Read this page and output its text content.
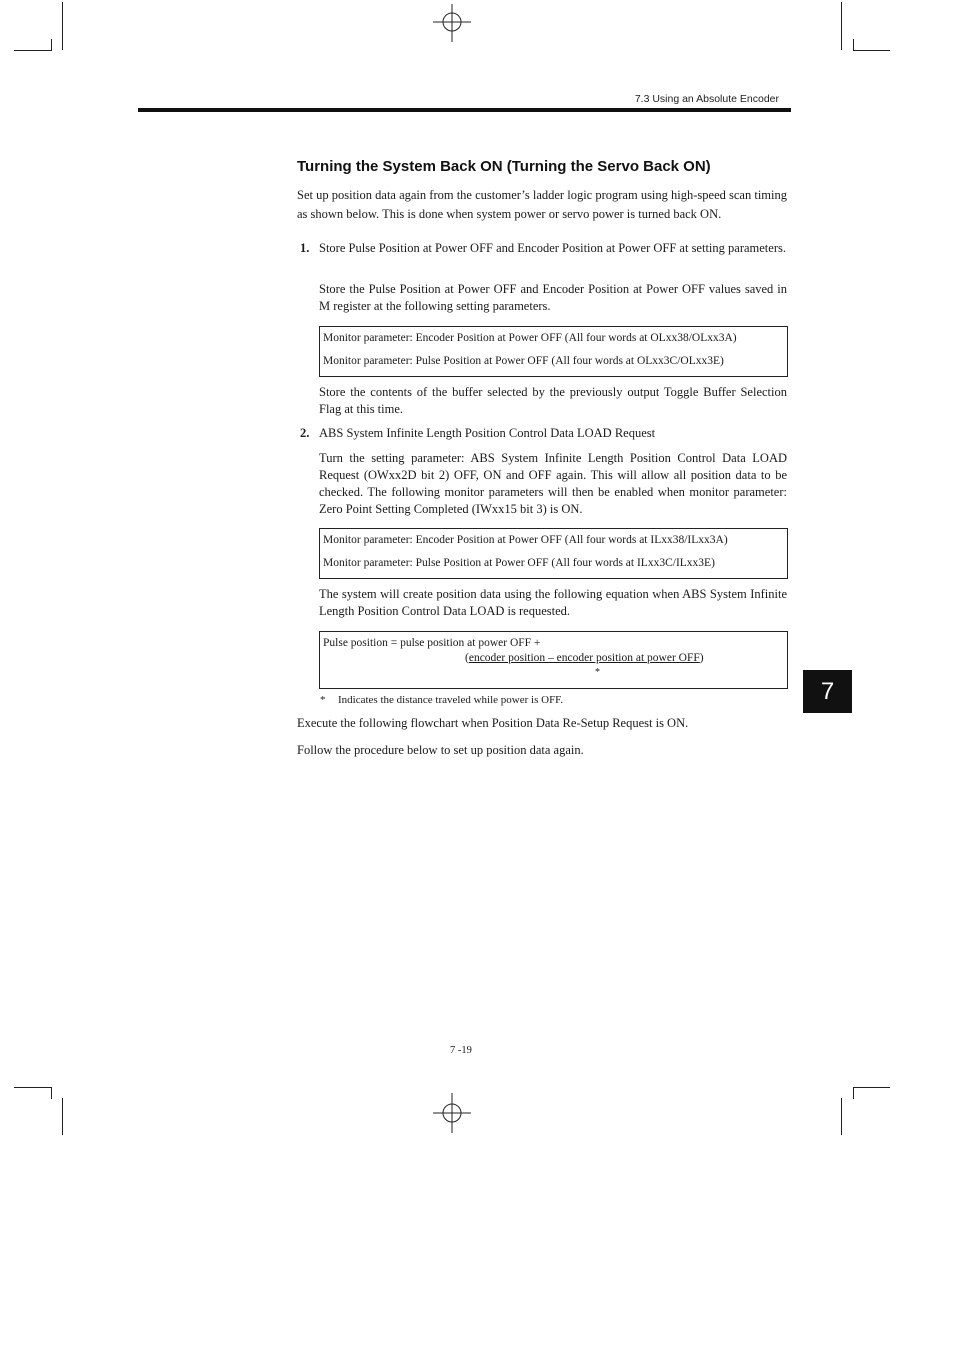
7.3 Using an Absolute Encoder
Turning the System Back ON (Turning the Servo Back ON)

Set up position data again from the customer’s ladder logic program using high-speed scan timing as shown below. This is done when system power or servo power is turned back ON.

1. Store Pulse Position at Power OFF and Encoder Position at Power OFF at setting parameters.

Store the Pulse Position at Power OFF and Encoder Position at Power OFF values saved in M register at the following setting parameters.

Monitor parameter: Encoder Position at Power OFF (All four words at OLxx38/OLxx3A)
Monitor parameter: Pulse Position at Power OFF (All four words at OLxx3C/OLxx3E)

Store the contents of the buffer selected by the previously output Toggle Buffer Selection Flag at this time.

2. ABS System Infinite Length Position Control Data LOAD Request

Turn the setting parameter: ABS System Infinite Length Position Control Data LOAD Request (OWxx2D bit 2) OFF, ON and OFF again. This will allow all position data to be checked. The following monitor parameters will then be enabled when monitor parameter: Zero Point Setting Completed (IWxx15 bit 3) is ON.

Monitor parameter: Encoder Position at Power OFF (All four words at ILxx38/ILxx3A)
Monitor parameter: Pulse Position at Power OFF (All four words at ILxx3C/ILxx3E)

The system will create position data using the following equation when ABS System Infinite Length Position Control Data LOAD is requested.

Pulse position = pulse position at power OFF +
(encoder position – encoder position at power OFF)
*
* Indicates the distance traveled while power is OFF.

Execute the following flowchart when Position Data Re-Setup Request is ON.

Follow the procedure below to set up position data again.

7
7 -19
